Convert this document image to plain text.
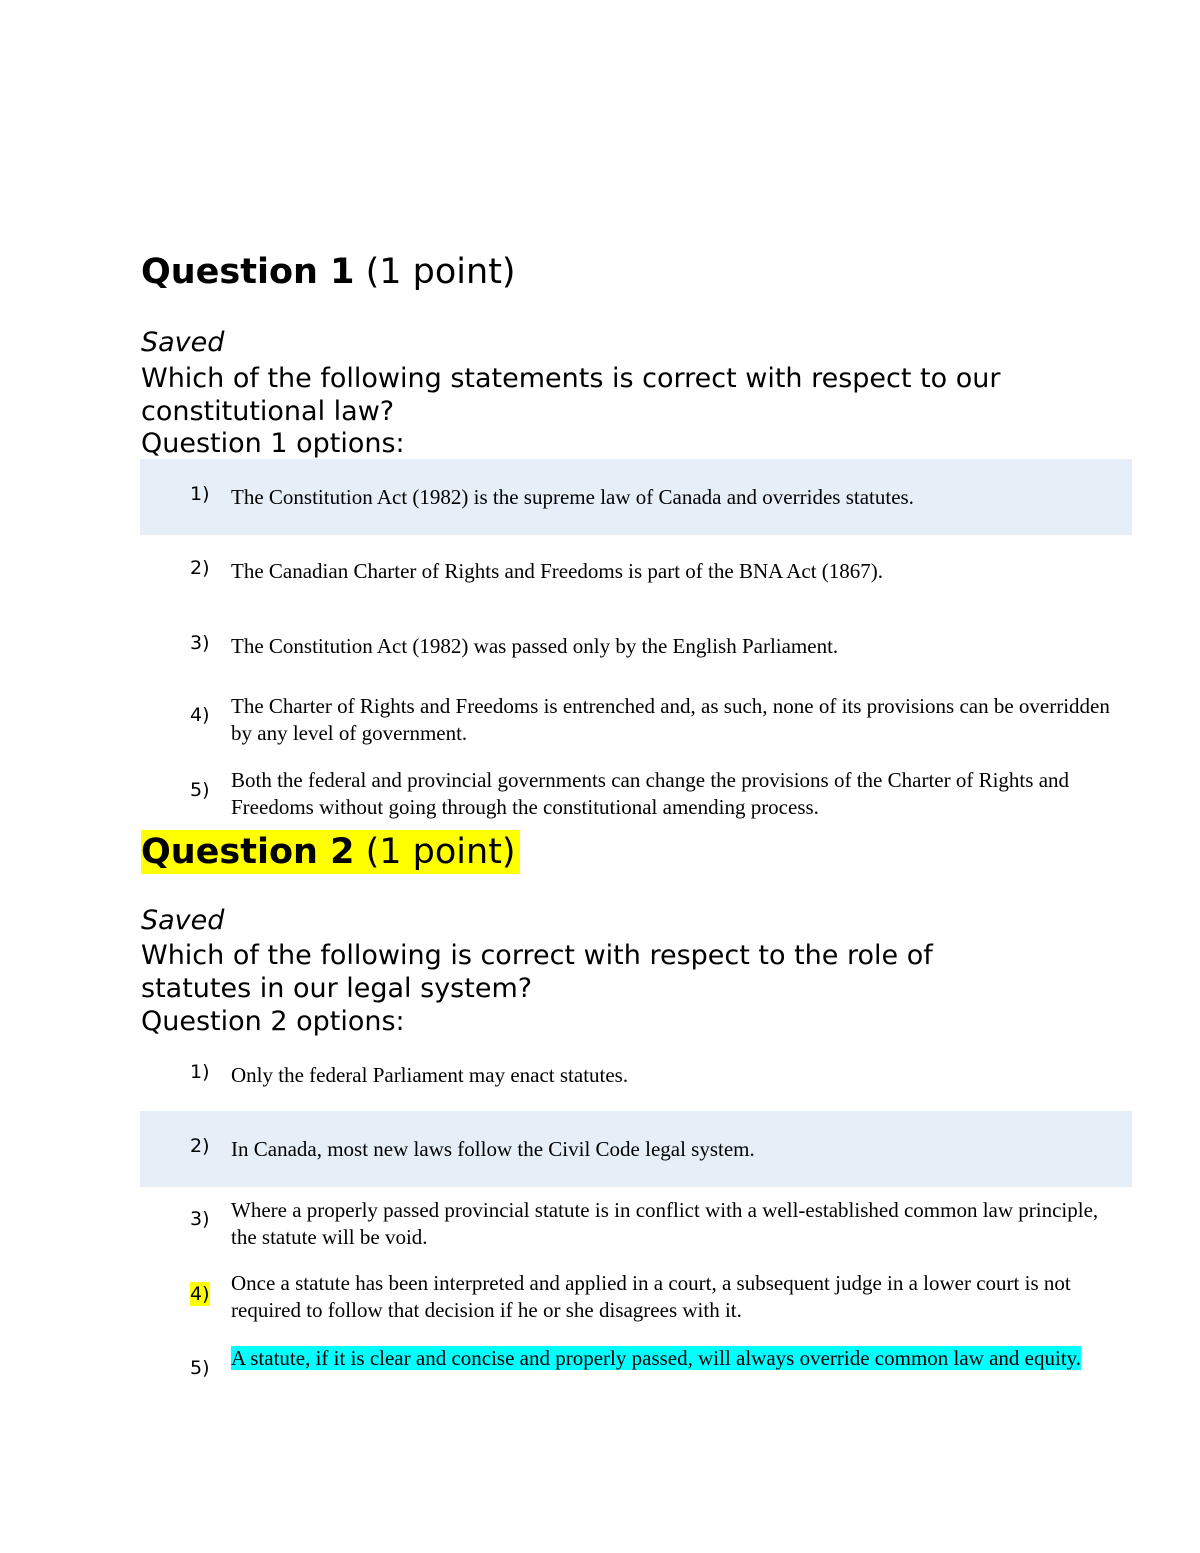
Question 1 (1 point)
Saved
Which of the following statements is correct with respect to our constitutional law?
Question 1 options:
1) The Constitution Act (1982) is the supreme law of Canada and overrides statutes.
2) The Canadian Charter of Rights and Freedoms is part of the BNA Act (1867).
3) The Constitution Act (1982) was passed only by the English Parliament.
4) The Charter of Rights and Freedoms is entrenched and, as such, none of its provisions can be overridden by any level of government.
5) Both the federal and provincial governments can change the provisions of the Charter of Rights and Freedoms without going through the constitutional amending process.
Question 2 (1 point)
Saved
Which of the following is correct with respect to the role of statutes in our legal system?
Question 2 options:
1) Only the federal Parliament may enact statutes.
2) In Canada, most new laws follow the Civil Code legal system.
3) Where a properly passed provincial statute is in conflict with a well-established common law principle, the statute will be void.
4) Once a statute has been interpreted and applied in a court, a subsequent judge in a lower court is not required to follow that decision if he or she disagrees with it.
5) A statute, if it is clear and concise and properly passed, will always override common law and equity.
